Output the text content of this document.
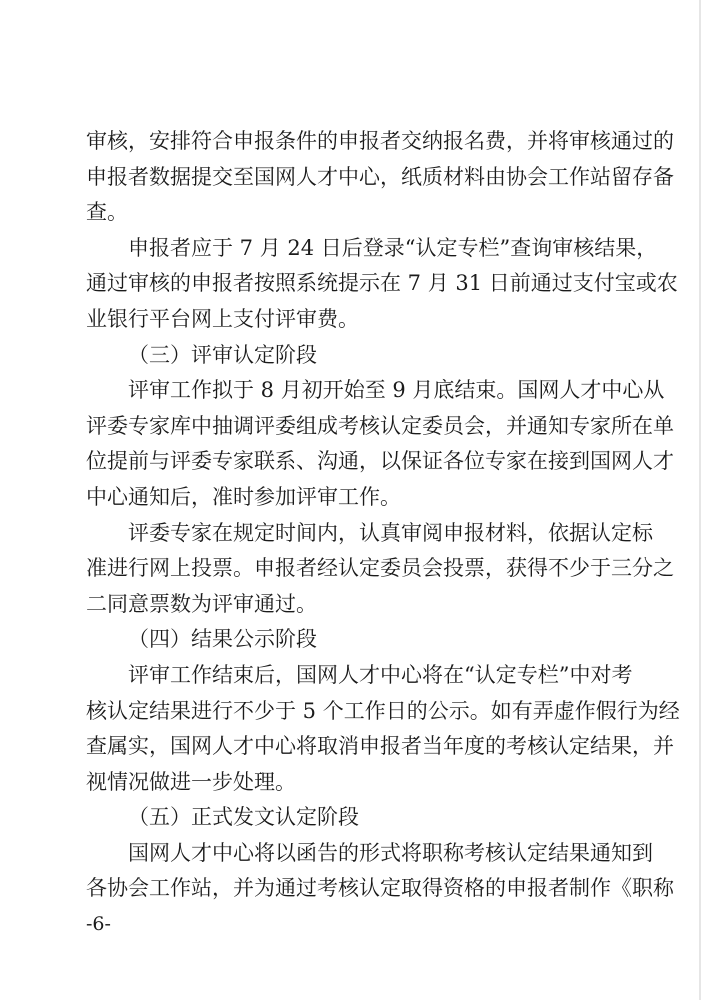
审核，安排符合申报条件的申报者交纳报名费，并将审核通过的
申报者数据提交至国网人才中心，纸质材料由协会工作站留存备
查。
申报者应于 7 月 24 日后登录“认定专栏”查询审核结果，
通过审核的申报者按照系统提示在 7 月 31 日前通过支付宝或农
业银行平台网上支付评审费。
（三）评审认定阶段
评审工作拟于 8 月初开始至 9 月底结束。国网人才中心从
评委专家库中抽调评委组成考核认定委员会，并通知专家所在单
位提前与评委专家联系、沟通，以保证各位专家在接到国网人才
中心通知后，准时参加评审工作。
评委专家在规定时间内，认真审阅申报材料，依据认定标
准进行网上投票。申报者经认定委员会投票，获得不少于三分之
二同意票数为评审通过。
（四）结果公示阶段
评审工作结束后，国网人才中心将在“认定专栏”中对考
核认定结果进行不少于 5 个工作日的公示。如有弄虚作假行为经
查属实，国网人才中心将取消申报者当年度的考核认定结果，并
视情况做进一步处理。
（五）正式发文认定阶段
国网人才中心将以函告的形式将职称考核认定结果通知到
各协会工作站，并为通过考核认定取得资格的申报者制作《职称
-6-
